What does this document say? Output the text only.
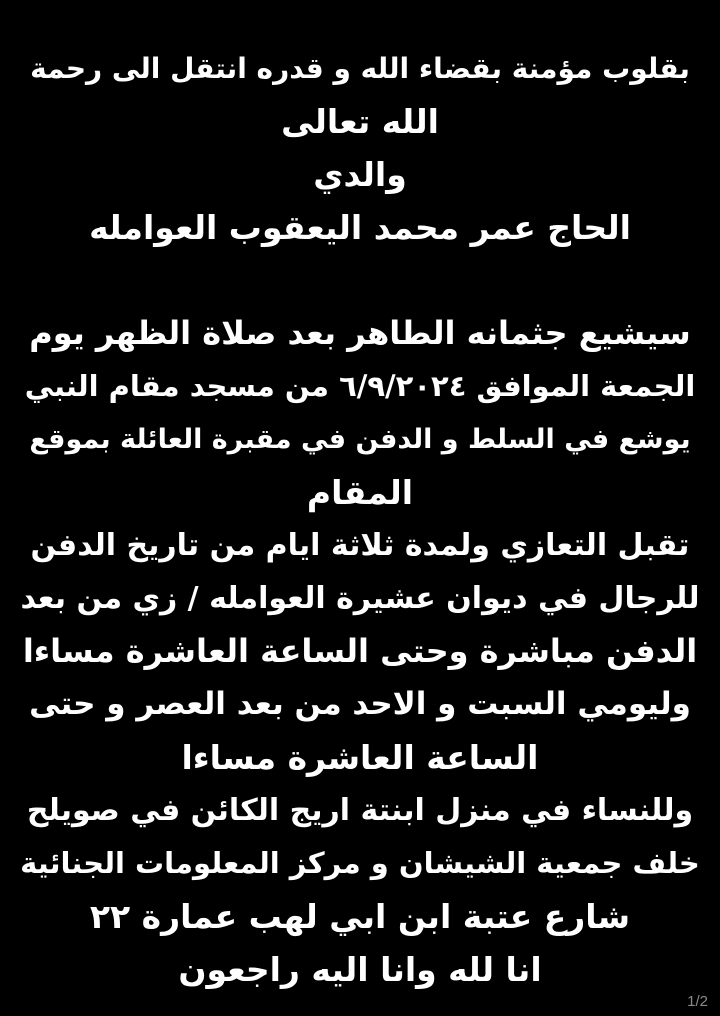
بقلوب مؤمنة بقضاء الله و قدره انتقل الى رحمة
الله تعالى
والدي
الحاج عمر محمد اليعقوب العوامله
سيشيع جثمانه الطاهر بعد صلاة الظهر يوم
الجمعة الموافق ٦/٩/٢٠٢٤ من مسجد مقام النبي
يوشع في السلط و الدفن في مقبرة العائلة بموقع
المقام
تقبل التعازي ولمدة ثلاثة ايام من تاريخ الدفن
للرجال في ديوان عشيرة العوامله / زي من بعد
الدفن مباشرة وحتى الساعة العاشرة مساءا
وليومي السبت و الاحد من بعد العصر و حتى
الساعة العاشرة مساءا
وللنساء في منزل ابنتة اريج الكائن في صويلح
خلف جمعية الشيشان و مركز المعلومات الجنائية
شارع عتبة ابن ابي لهب عمارة ٢٢
انا لله وانا اليه راجعون
1/2
